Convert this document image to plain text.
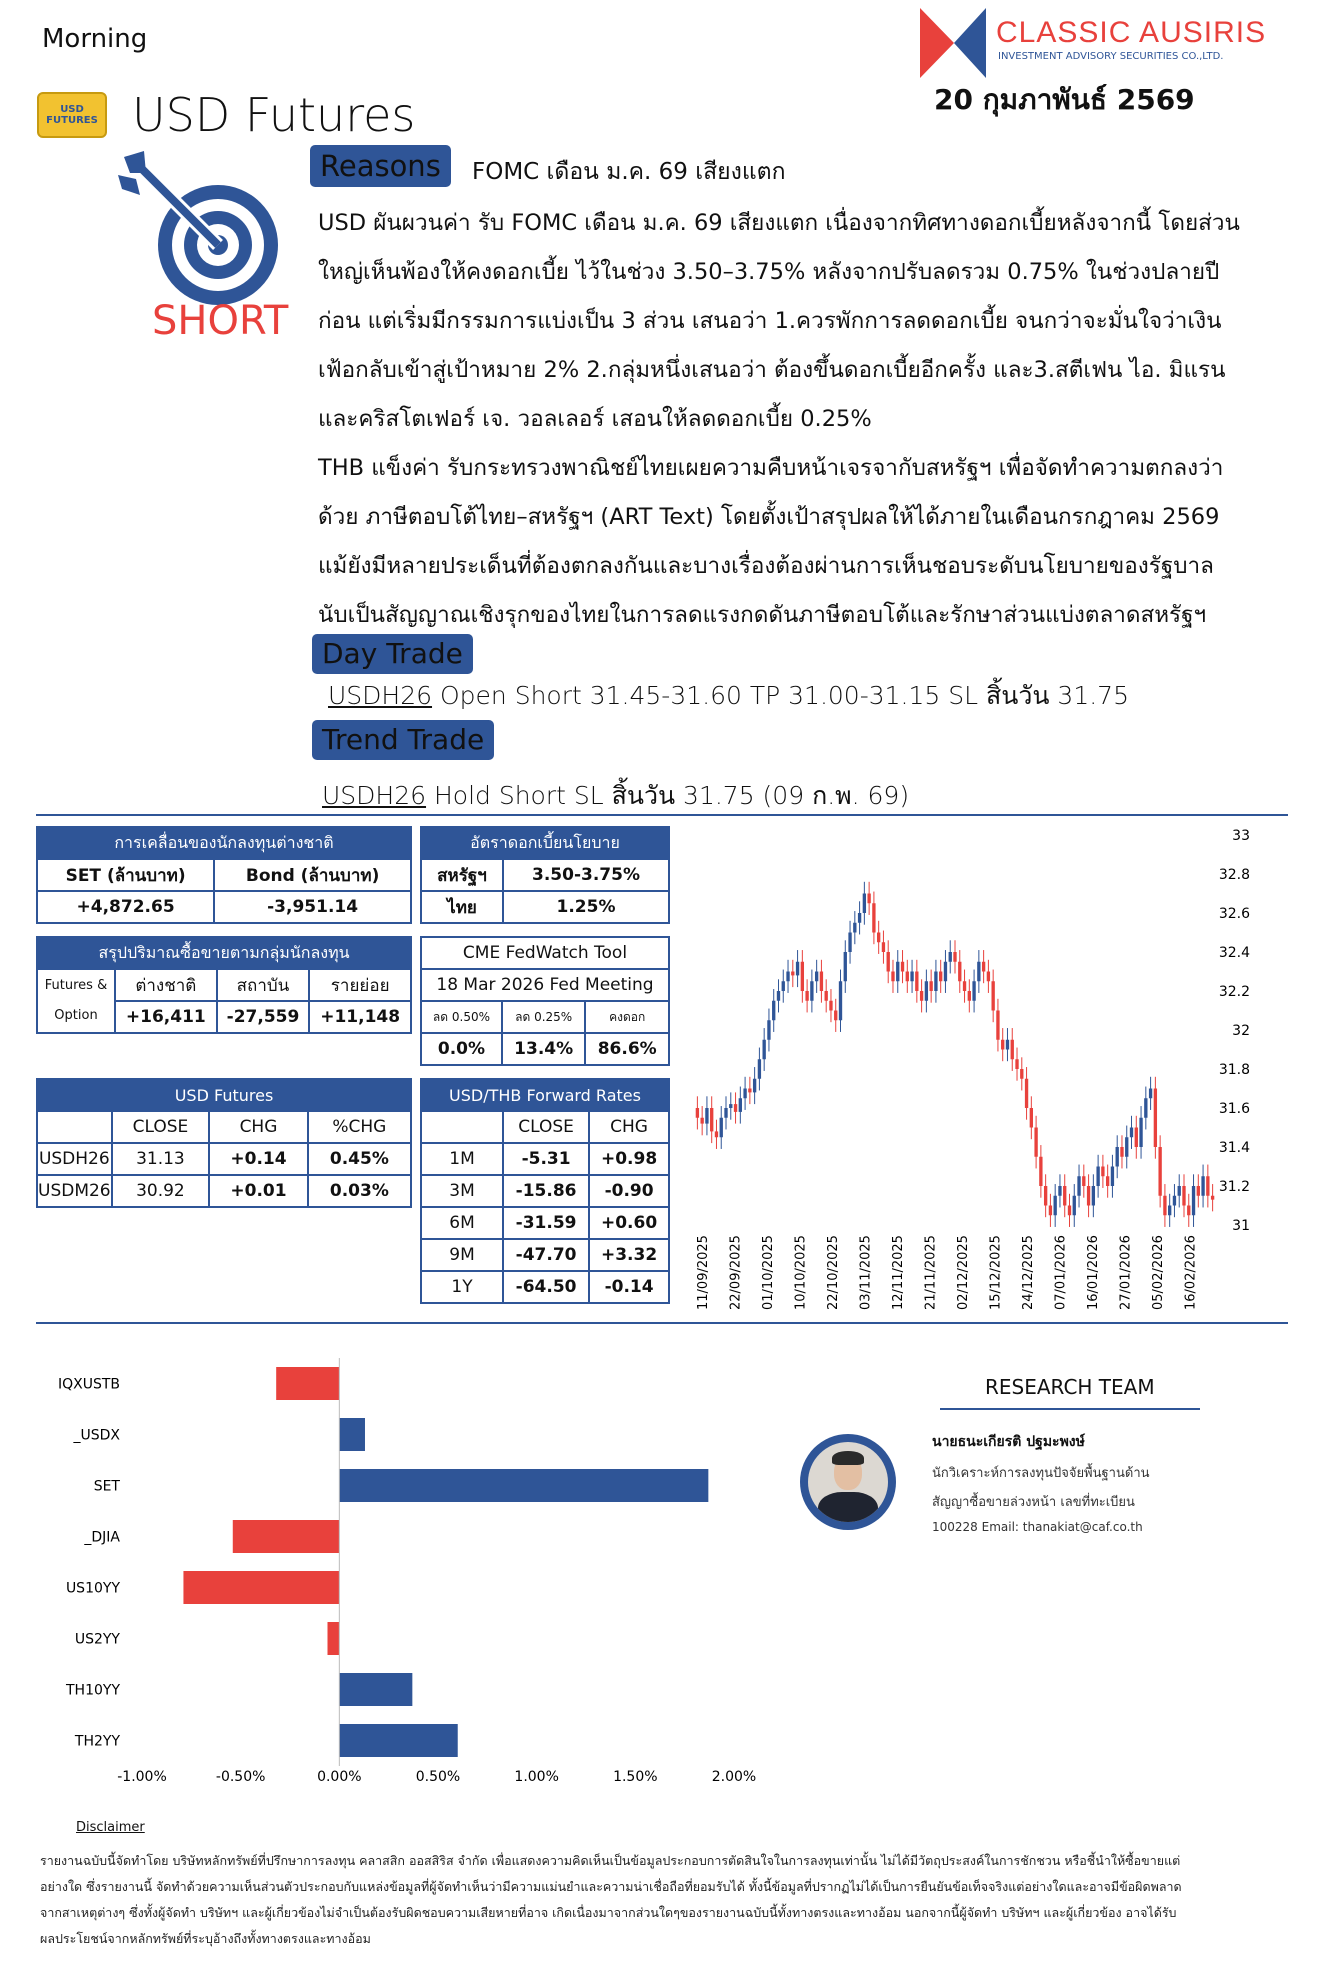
Morning
USD FUTURES USD Futures
CLASSIC AUSIRIS
INVESTMENT ADVISORY SECURITIES CO.,LTD.
20 กุมภาพันธ์ 2569
SHORT
Reasons	FOMC เดือน ม.ค. 69 เสียงแตก
USD ผันผวนค่า รับ FOMC เดือน ม.ค. 69 เสียงแตก เนื่องจากทิศทางดอกเบี้ยหลังจากนี้ โดยส่วน
ใหญ่เห็นพ้องให้คงดอกเบี้ย ไว้ในช่วง 3.50–3.75% หลังจากปรับลดรวม 0.75% ในช่วงปลายปี
ก่อน แต่เริ่มมีกรรมการแบ่งเป็น 3 ส่วน เสนอว่า 1.ควรพักการลดดอกเบี้ย จนกว่าจะมั่นใจว่าเงิน
เฟ้อกลับเข้าสู่เป้าหมาย 2% 2.กลุ่มหนึ่งเสนอว่า ต้องขึ้นดอกเบี้ยอีกครั้ง และ3.สตีเฟน ไอ. มิแรน
และคริสโตเฟอร์ เจ. วอลเลอร์ เสอนให้ลดดอกเบี้ย 0.25%
THB แข็งค่า รับกระทรวงพาณิชย์ไทยเผยความคืบหน้าเจรจากับสหรัฐฯ เพื่อจัดทำความตกลงว่า
ด้วย ภาษีตอบโต้ไทย–สหรัฐฯ (ART Text) โดยตั้งเป้าสรุปผลให้ได้ภายในเดือนกรกฎาคม 2569
แม้ยังมีหลายประเด็นที่ต้องตกลงกันและบางเรื่องต้องผ่านการเห็นชอบระดับนโยบายของรัฐบาล
นับเป็นสัญญาณเชิงรุกของไทยในการลดแรงกดดันภาษีตอบโต้และรักษาส่วนแบ่งตลาดสหรัฐฯ
Day Trade
USDH26 Open Short 31.45-31.60 TP 31.00-31.15 SL สิ้นวัน 31.75
Trend Trade
USDH26 Hold Short SL สิ้นวัน 31.75 (09 ก.พ. 69)
การเคลื่อนของนักลงทุนต่างชาติ	
SET (ล้านบาท)	Bond (ล้านบาท)
+4,872.65	-3,951.14
อัตราดอกเบี้ยนโยบาย	
สหรัฐฯ	3.50-3.75%
ไทย	1.25%
สรุปปริมาณซื้อขายตามกลุ่มนักลงทุน			
Futures &
Option	ต่างชาติ	สถาบัน	รายย่อย
	+16,411	-27,559	+11,148
CME FedWatch Tool		
18 Mar 2026 Fed Meeting		
ลด 0.50%	ลด 0.25%	คงดอก
0.0%	13.4%	86.6%
USD Futures			
	CLOSE	CHG	%CHG
USDH26	31.13	+0.14	0.45%
USDM26	30.92	+0.01	0.03%
USD/THB Forward Rates		
	CLOSE	CHG
1M	-5.31	+0.98
3M	-15.86	-0.90
6M	-31.59	+0.60
9M	-47.70	+3.32
1Y	-64.50	-0.14
33
32.8
32.6
32.4
32.2
32
31.8
31.6
31.4
31.2
31
11/09/2025 22/09/2025 01/10/2025 10/10/2025 22/10/2025 03/11/2025 12/11/2025 21/11/2025 02/12/2025 15/12/2025 24/12/2025 07/01/2026 16/01/2026 27/01/2026 05/02/2026 16/02/2026
IQXUSTB
_USDX
SET
_DJIA
US10YY
US2YY
TH10YY
TH2YY
-1.00%	-0.50%	0.00%	0.50%	1.00%	1.50%	2.00%
RESEARCH TEAM
นายธนะเกียรติ ปฐมะพงษ์
นักวิเคราะห์การลงทุนปัจจัยพื้นฐานด้าน
สัญญาซื้อขายล่วงหน้า เลขที่ทะเบียน
100228 Email: thanakiat@caf.co.th
Disclaimer
รายงานฉบับนี้จัดทำโดย บริษัทหลักทรัพย์ที่ปรึกษาการลงทุน คลาสสิก ออสสิริส จำกัด เพื่อแสดงความคิดเห็นเป็นข้อมูลประกอบการตัดสินใจในการลงทุนเท่านั้น ไม่ได้มีวัตถุประสงค์ในการชักชวน หรือชี้นำให้ซื้อขายแต่
อย่างใด ซึ่งรายงานนี้ จัดทำด้วยความเห็นส่วนตัวประกอบกับแหล่งข้อมูลที่ผู้จัดทำเห็นว่ามีความแม่นยำและความน่าเชื่อถือที่ยอมรับได้ ทั้งนี้ข้อมูลที่ปรากฏไม่ได้เป็นการยืนยันข้อเท็จจริงแต่อย่างใดและอาจมีข้อผิดพลาด
จากสาเหตุต่างๆ ซึ่งทั้งผู้จัดทำ บริษัทฯ และผู้เกี่ยวข้องไม่จำเป็นต้องรับผิดชอบความเสียหายที่อาจ เกิดเนื่องมาจากส่วนใดๆของรายงานฉบับนี้ทั้งทางตรงและทางอ้อม นอกจากนี้ผู้จัดทำ บริษัทฯ และผู้เกี่ยวข้อง อาจได้รับ
ผลประโยชน์จากหลักทรัพย์ที่ระบุอ้างถึงทั้งทางตรงและทางอ้อม
